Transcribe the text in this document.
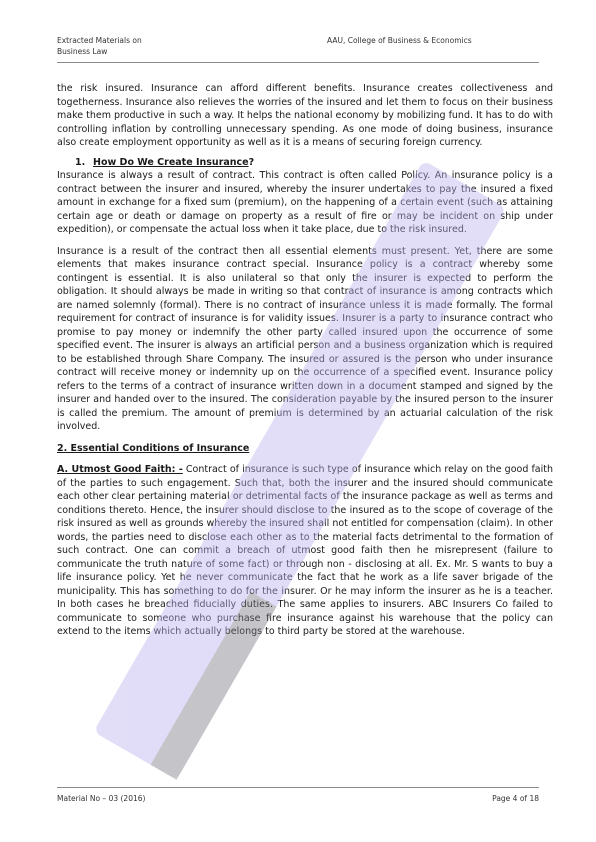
Extracted Materials on
Business Law
AAU, College of Business & Economics

the risk insured. Insurance can afford different benefits. Insurance creates collectiveness and togetherness. Insurance also relieves the worries of the insured and let them to focus on their business make them productive in such a way. It helps the national economy by mobilizing fund. It has to do with controlling inflation by controlling unnecessary spending. As one mode of doing business, insurance also create employment opportunity as well as it is a means of securing foreign currency.

1. How Do We Create Insurance?

Insurance is always a result of contract. This contract is often called Policy. An insurance policy is a contract between the insurer and insured, whereby the insurer undertakes to pay the insured a fixed amount in exchange for a fixed sum (premium), on the happening of a certain event (such as attaining certain age or death or damage on property as a result of fire or may be incident on ship under expedition), or compensate the actual loss when it take place, due to the risk insured.

Insurance is a result of the contract then all essential elements must present. Yet, there are some elements that makes insurance contract special. Insurance policy is a contract whereby some contingent is essential. It is also unilateral so that only the insurer is expected to perform the obligation. It should always be made in writing so that contract of insurance is among contracts which are named solemnly (formal). There is no contract of insurance unless it is made formally. The formal requirement for contract of insurance is for validity issues. Insurer is a party to insurance contract who promise to pay money or indemnify the other party called insured upon the occurrence of some specified event. The insurer is always an artificial person and a business organization which is required to be established through Share Company. The insured or assured is the person who under insurance contract will receive money or indemnity up on the occurrence of a specified event. Insurance policy refers to the terms of a contract of insurance written down in a document stamped and signed by the insurer and handed over to the insured. The consideration payable by the insured person to the insurer is called the premium. The amount of premium is determined by an actuarial calculation of the risk involved.

2. Essential Conditions of Insurance

A. Utmost Good Faith: - Contract of insurance is such type of insurance which relay on the good faith of the parties to such engagement. Such that, both the insurer and the insured should communicate each other clear pertaining material or detrimental facts of the insurance package as well as terms and conditions thereto. Hence, the insurer should disclose to the insured as to the scope of coverage of the risk insured as well as grounds whereby the insured shall not entitled for compensation (claim). In other words, the parties need to disclose each other as to the material facts detrimental to the formation of such contract. One can commit a breach of utmost good faith then he misrepresent (failure to communicate the truth nature of some fact) or through non - disclosing at all. Ex. Mr. S wants to buy a life insurance policy. Yet he never communicate the fact that he work as a life saver brigade of the municipality. This has something to do for the insurer. Or he may inform the insurer as he is a teacher. In both cases he breached fiducially duties. The same applies to insurers. ABC Insurers Co failed to communicate to someone who purchase fire insurance against his warehouse that the policy can extend to the items which actually belongs to third party be stored at the warehouse.

Material No – 03 (2016)	Page 4 of 18
